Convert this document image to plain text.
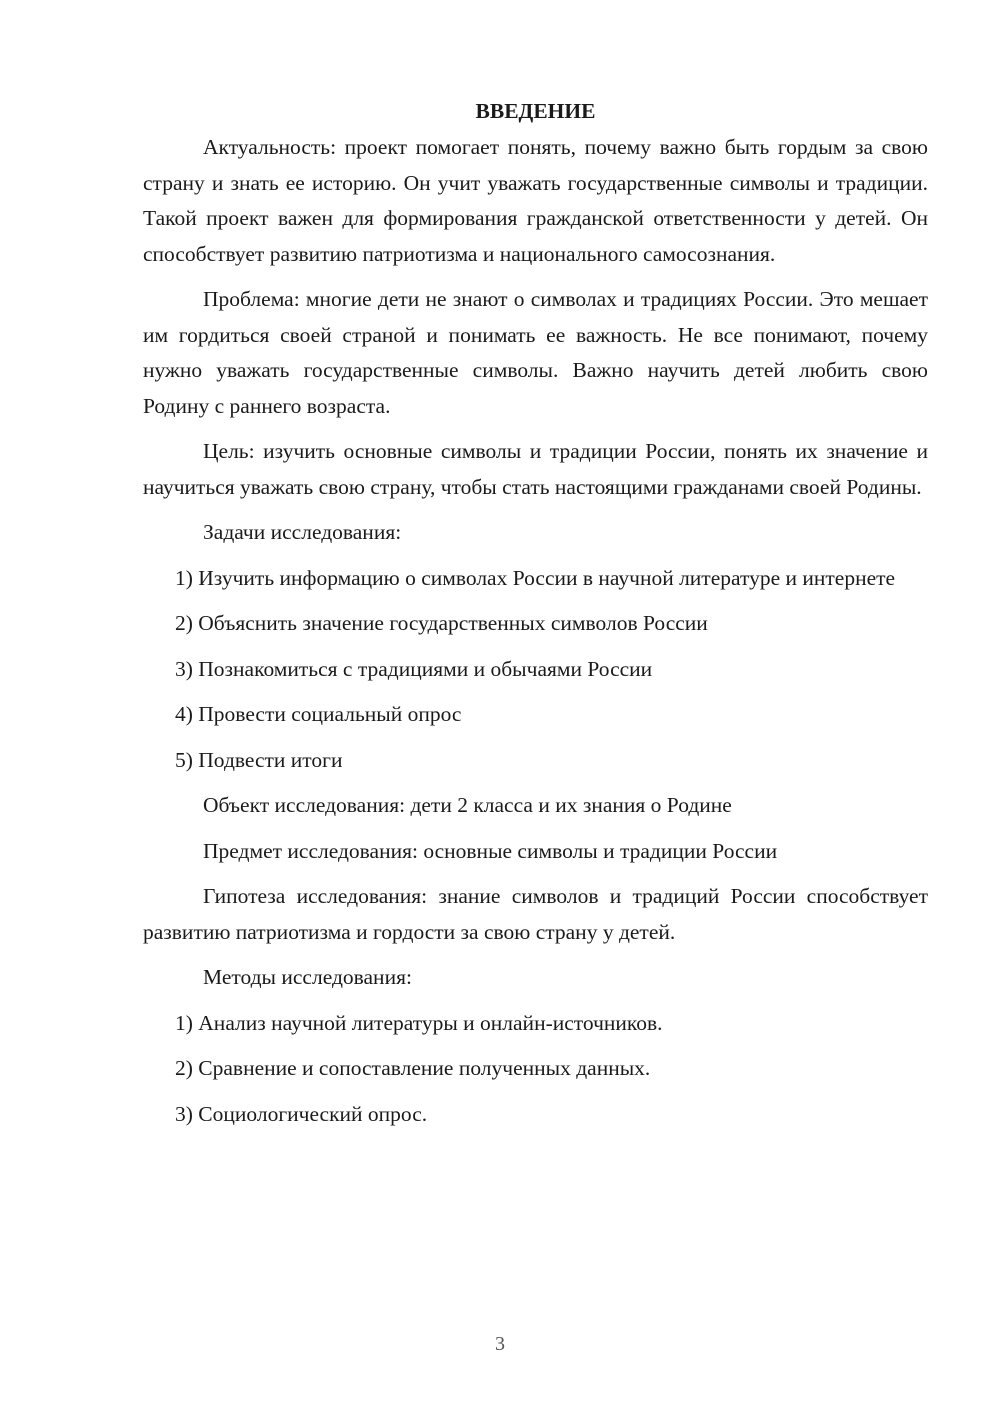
ВВЕДЕНИЕ

Актуальность: проект помогает понять, почему важно быть гордым за свою страну и знать ее историю. Он учит уважать государственные символы и традиции. Такой проект важен для формирования гражданской ответственности у детей. Он способствует развитию патриотизма и национального самосознания.

Проблема: многие дети не знают о символах и традициях России. Это мешает им гордиться своей страной и понимать ее важность. Не все понимают, почему нужно уважать государственные символы. Важно научить детей любить свою Родину с раннего возраста.

Цель: изучить основные символы и традиции России, понять их значение и научиться уважать свою страну, чтобы стать настоящими гражданами своей Родины.

Задачи исследования:

1) Изучить информацию о символах России в научной литературе и интернете

2) Объяснить значение государственных символов России

3) Познакомиться с традициями и обычаями России

4) Провести социальный опрос

5) Подвести итоги

Объект исследования: дети 2 класса и их знания о Родине

Предмет исследования: основные символы и традиции России

Гипотеза исследования: знание символов и традиций России способствует развитию патриотизма и гордости за свою страну у детей.

Методы исследования:

1) Анализ научной литературы и онлайн-источников.

2) Сравнение и сопоставление полученных данных.

3) Социологический опрос.

3
